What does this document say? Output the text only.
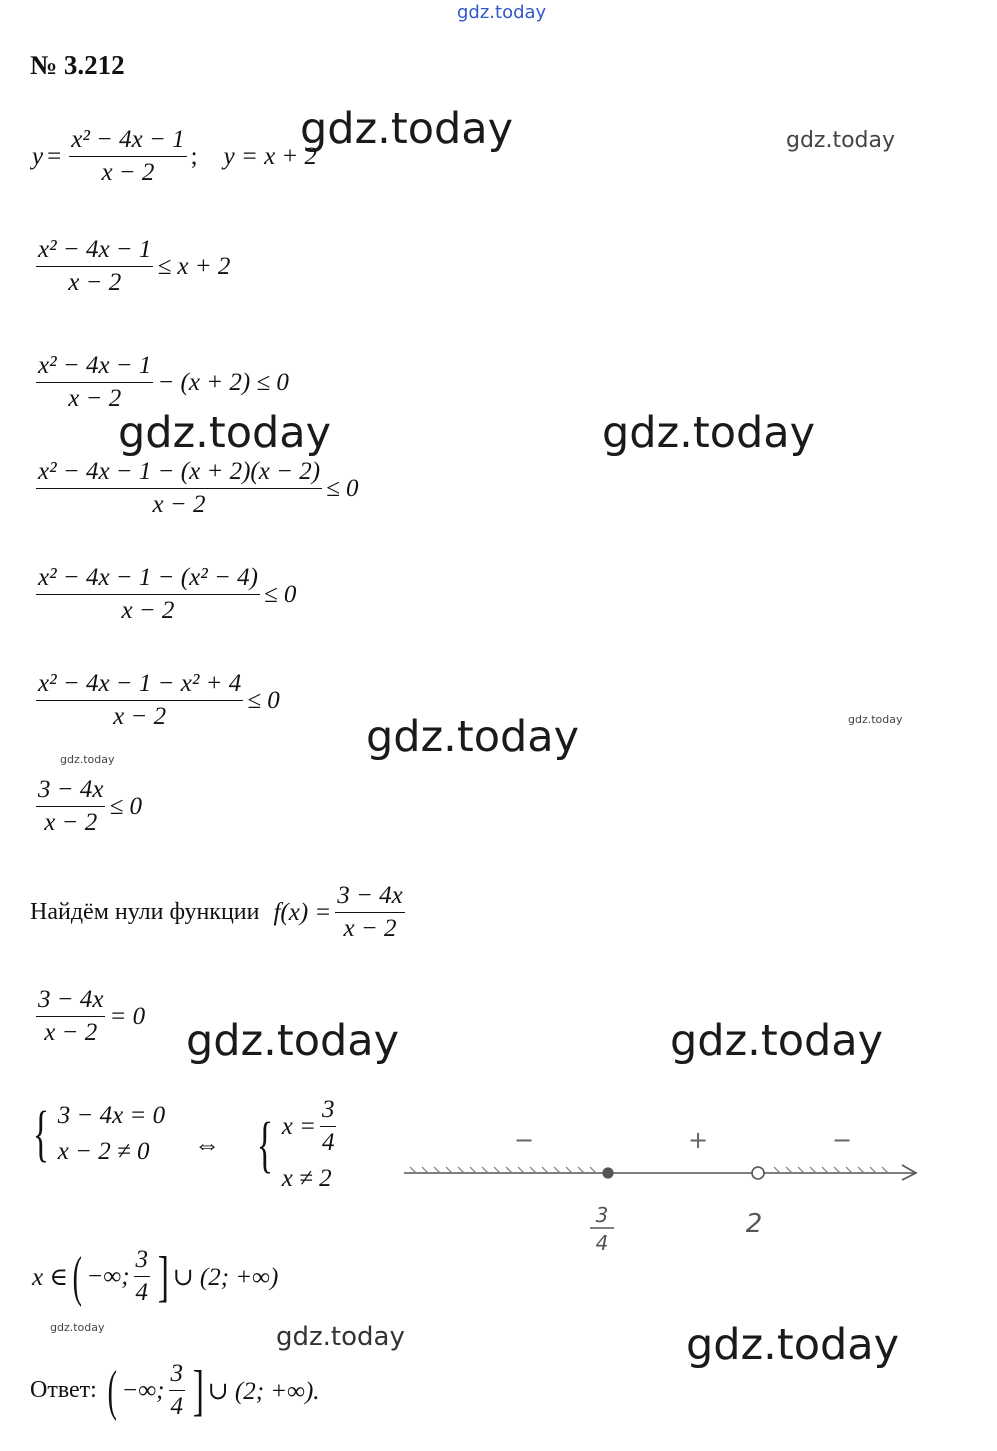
gdz.today
gdz.today	gdz.today
gdz.today	gdz.today
gdz.today	gdz.today
gdz.today
gdz.today	gdz.today
gdz.today	gdz.today	gdz.today
№ 3.212
$y = \frac{\text{x² − 4x − 1}}{x - 2}$ ; y = x + 2
$\frac{\text{x² − 4x − 1}}{x - 2} \le x + 2$
$\frac{\text{x² − 4x − 1}}{x - 2} - (x + 2) \le 0$
$\frac{\text{x² − 4x − 1 − (x + 2)(x − 2)}}{x - 2} \le 0$
$\frac{\text{x² − 4x − 1 − (x² − 4)}}{x - 2} \le 0$
$\frac{\text{x² − 4x − 1 − x² + 4}}{x - 2} \le 0$
$\frac{3 - 4x}{x - 2} \le 0$
Найдём нули функции $f(x) = \frac{3 - 4x}{x - 2}$
$\frac{3 - 4x}{x - 2} = 0$
{ 3 − 4x = 0
x − 2 ≠ 0	⇔ { $x = \frac{3}{4}$
x ≠ 2
−	+	−
3
4
2
x ∈ ( −∞; $\frac{3}{4}$ ] ∪ (2; +∞)
Ответ: ( −∞; $\frac{3}{4}$ ] ∪ (2; +∞).
